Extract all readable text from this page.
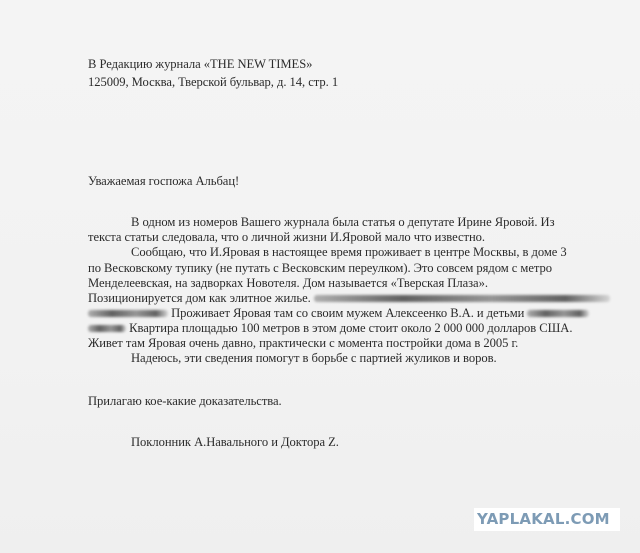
В Редакцию журнала «THE NEW TIMES»
125009, Москва, Тверской бульвар, д. 14, стр. 1
Уважаемая госпожа Альбац!
В одном из номеров Вашего журнала была статья о депутате Ирине Яровой. Из
текста статьи следовала, что о личной жизни И.Яровой мало что известно.
Сообщаю, что И.Яровая в настоящее время проживает в центре Москвы, в доме 3
по Весковскому тупику (не путать с Весковским переулком). Это совсем рядом с метро
Менделеевская, на задворках Новотеля. Дом называется «Тверская Плаза».
Позиционируется дом как элитное жилье.
Проживает Яровая там со своим мужем Алексеенко В.А. и детьми
Квартира площадью 100 метров в этом доме стоит около 2 000 000 долларов США.
Живет там Яровая очень давно, практически с момента постройки дома в 2005 г.
Надеюсь, эти сведения помогут в борьбе с партией жуликов и воров.
Прилагаю кое-какие доказательства.
Поклонник А.Навального и Доктора Z.
YAPLAKAL.COM
